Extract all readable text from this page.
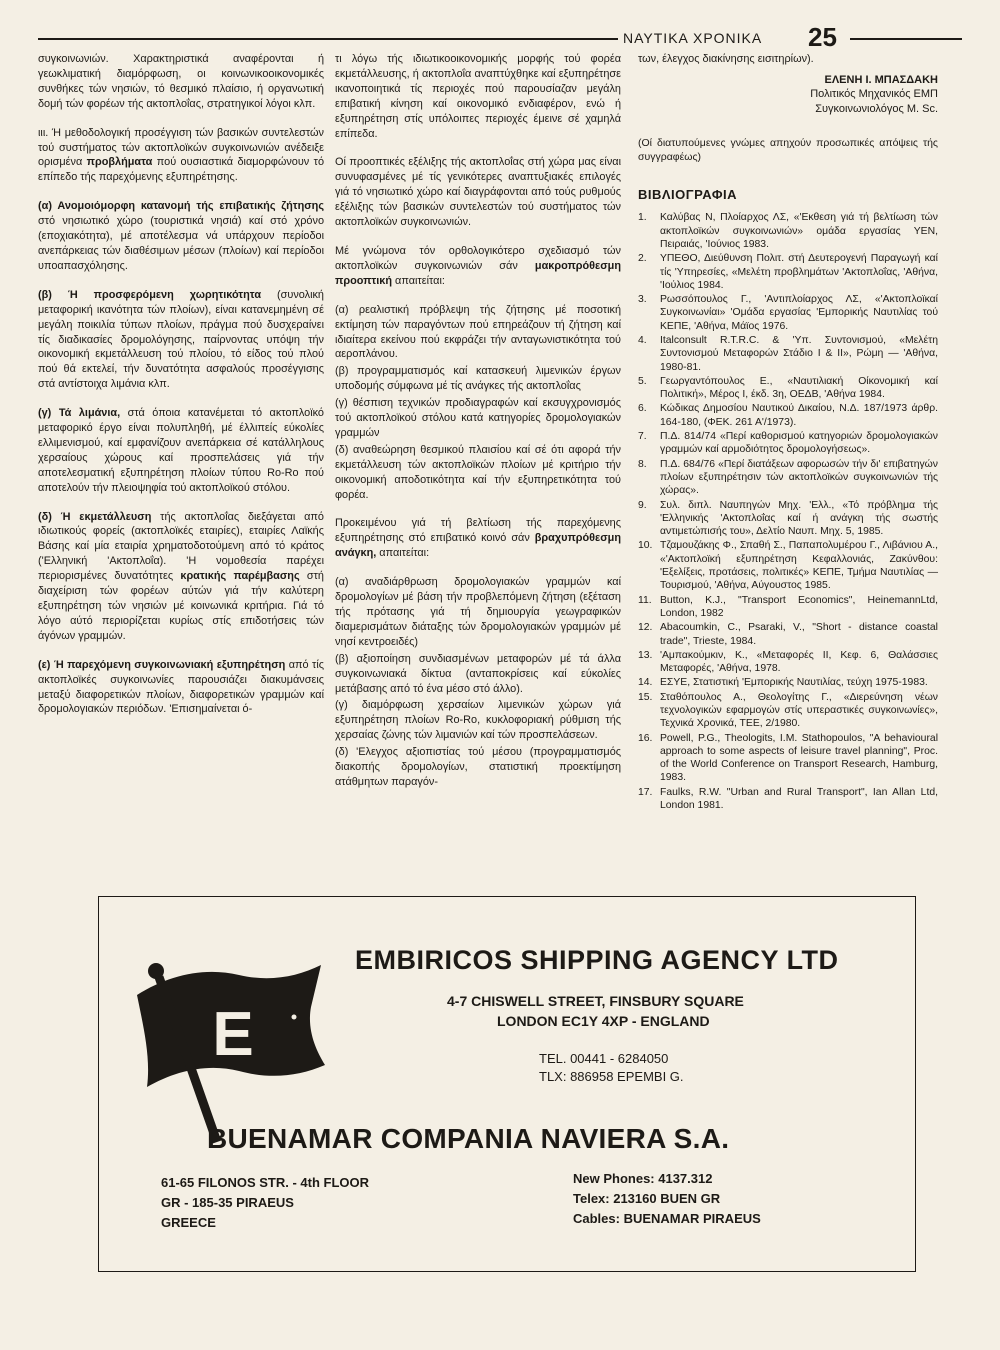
ΝΑΥΤΙΚΑ ΧΡΟΝΙΚΑ 25

συγκοινωνιών. Χαρακτηριστικά αναφέρονται ή γεωκλιματική διαμόρφωση, οι κοινωνικοοικονομικές συνθήκες τών νησιών, τό θεσμικό πλαίσιο, ή οργανωτική δομή τών φορέων τής ακτοπλοΐας, στρατηγικοί λόγοι κλπ.

ιιι. Ή μεθοδολογική προσέγγιση τών βασικών συντελεστών τού συστήματος τών ακτοπλοϊκών συγκοινωνιών ανέδειξε ορισμένα προβλήματα πού ουσιαστικά διαμορφώνουν τό επίπεδο τής παρεχόμενης εξυπηρέτησης.

(α) Ανομοιόμορφη κατανομή τής επιβατικής ζήτησης στό νησιωτικό χώρο (τουριστικά νησιά) καί στό χρόνο (εποχιακότητα), μέ αποτέλεσμα νά υπάρχουν περίοδοι ανεπάρκειας τών διαθέσιμων μέσων (πλοίων) καί περίοδοι υποαπασχόλησης.

(β) Ή προσφερόμενη χωρητικότητα (συνολική μεταφορική ικανότητα τών πλοίων), είναι κατανεμημένη σέ μεγάλη ποικιλία τύπων πλοίων, πράγμα πού δυσχεραίνει τίς διαδικασίες δρομολόγησης, παίρνοντας υπόψη τήν οικονομική εκμετάλλευση τού πλοίου, τό είδος τού πλού πού θά εκτελεί, τήν δυνατότητα ασφαλούς προσέγγισης στά αντίστοιχα λιμάνια κλπ.

(γ) Τά λιμάνια, στά όποια κατανέμεται τό ακτοπλοϊκό μεταφορικό έργο είναι πολυπληθή, μέ έλλιπείς εύκολίες ελλιμενισμού, καί εμφανίζουν ανεπάρκεια σέ κατάλληλους χερσαίους χώρους καί προσπελάσεις γιά τήν αποτελεσματική εξυπηρέτηση πλοίων τύπου Ro-Ro πού αποτελούν τήν πλειοψηφία τού ακτοπλοϊκού στόλου.

(δ) Ή εκμετάλλευση τής ακτοπλοΐας διεξάγεται από ιδιωτικούς φορείς (ακτοπλοϊκές εταιρίες), εταιρίες Λαϊκής Βάσης καί μία εταιρία χρηματοδοτούμενη από τό κράτος ('Ελληνική 'Ακτοπλοΐα). 'Η νομοθεσία παρέχει περιορισμένες δυνατότητες κρατικής παρέμβασης στή διαχείριση τών φορέων αύτών γιά τήν καλύτερη εξυπηρέτηση τών νησιών μέ κοινωνικά κριτήρια. Γιά τό λόγο αύτό περιορίζεται κυρίως στίς επιδοτήσεις τών άγόνων γραμμών.

(ε) Ή παρεχόμενη συγκοινωνιακή εξυπηρέτηση από τίς ακτοπλοϊκές συγκοινωνίες παρουσιάζει διακυμάνσεις μεταξύ διαφορετικών πλοίων, διαφορετικών γραμμών καί δρομολογιακών περιόδων. 'Επισημαίνεται ό-

τι λόγω τής ιδιωτικοοικονομικής μορφής τού φορέα εκμετάλλευσης, ή ακτοπλοΐα αναπτύχθηκε καί εξυπηρέτησε ικανοποιητικά τίς περιοχές πού παρουσίαζαν μεγάλη επιβατική κίνηση καί οικονομικό ενδιαφέρον, ενώ ή εξυπηρέτηση στίς υπόλοιπες περιοχές έμεινε σέ χαμηλά επίπεδα.

Οί προοπτικές εξέλιξης τής ακτοπλοΐας στή χώρα μας είναι συνυφασμένες μέ τίς γενικότερες αναπτυξιακές επιλογές γιά τό νησιωτικό χώρο καί διαγράφονται από τούς ρυθμούς εξέλιξης τών βασικών συντελεστών τού συστήματος τών ακτοπλοϊκών συγκοινωνιών.

Μέ γνώμονα τόν ορθολογικότερο σχεδιασμό τών ακτοπλοϊκών συγκοινωνιών σάν μακροπρόθεσμη προοπτική απαιτείται:

(α) ρεαλιστική πρόβλεψη τής ζήτησης μέ ποσοτική εκτίμηση τών παραγόντων πού επηρεάζουν τή ζήτηση καί ιδιαίτερα εκείνου πού εκφράζει τήν ανταγωνιστικότητα τού αεροπλάνου.

(β) προγραμματισμός καί κατασκευή λιμενικών έργων υποδομής σύμφωνα μέ τίς ανάγκες τής ακτοπλοΐας

(γ) θέσπιση τεχνικών προδιαγραφών καί εκσυγχρονισμός τού ακτοπλοϊκού στόλου κατά κατηγορίες δρομολογιακών γραμμών

(δ) αναθεώρηση θεσμικού πλαισίου καί σέ ότι αφορά τήν εκμετάλλευση τών ακτοπλοϊκών πλοίων μέ κριτήριο τήν οικονομική αποδοτικότητα καί τήν εξυπηρετικότητα τού φορέα.

Προκειμένου γιά τή βελτίωση τής παρεχόμενης εξυπηρέτησης στό επιβατικό κοινό σάν βραχυπρόθεσμη ανάγκη, απαιτείται:

(α) αναδιάρθρωση δρομολογιακών γραμμών καί δρομολογίων μέ βάση τήν προβλεπόμενη ζήτηση (εξέταση τής πρότασης γιά τή δημιουργία γεωγραφικών διαμερισμάτων διάταξης τών δρομολογιακών γραμμών μέ νησί κεντροειδές)

(β) αξιοποίηση συνδιασμένων μεταφορών μέ τά άλλα συγκοινωνιακά δίκτυα (ανταποκρίσεις καί εύκολίες μετάβασης από τό ένα μέσο στό άλλο).

(γ) διαμόρφωση χερσαίων λιμενικών χώρων γιά εξυπηρέτηση πλοίων Ro-Ro, κυκλοφοριακή ρύθμιση τής χερσαίας ζώνης τών λιμανιών καί τών προσπελάσεων.

(δ) 'Ελεγχος αξιοπιστίας τού μέσου (προγραμματισμός διακοπής δρομολογίων, στατιστική προεκτίμηση ατάθμητων παραγόν-

των, έλεγχος διακίνησης εισιτηρίων).

ΕΛΕΝΗ Ι. ΜΠΑΣΔΑΚΗ
Πολιτικός Μηχανικός ΕΜΠ
Συγκοινωνιολόγος M. Sc.
(Οί διατυπούμενες γνώμες απηχούν προσωπικές απόψεις τής συγγραφέως)
ΒΙΒΛΙΟΓΡΑΦΙΑ
1.	Καλύβας Ν, Πλοίαρχος ΛΣ, «'Εκθεση γιά τή βελτίωση τών ακτοπλοϊκών συγκοινωνιών» ομάδα εργασίας ΥΕΝ, Πειραιάς, 'Ιούνιος 1983.
2.	ΥΠΕΘΟ, Διεύθυνση Πολιτ. στή Δευτερογενή Παραγωγή καί τίς 'Υπηρεσίες, «Μελέτη προβλημάτων 'Ακτοπλοΐας, 'Αθήνα, 'Ιούλιος 1984.
3.	Ρωσσόπουλος Γ., 'Αντιπλοίαρχος ΛΣ, «'Ακτοπλοϊκαί Συγκοινωνίαι» 'Ομάδα εργασίας 'Εμπορικής Ναυτιλίας τού ΚΕΠΕ, 'Αθήνα, Μάϊος 1976.
4.	Italconsult R.T.R.C. & 'Υπ. Συντονισμού, «Μελέτη Συντονισμού Μεταφορών Στάδιο Ι & ΙΙ», Ρώμη — 'Αθήνα, 1980-81.
5.	Γεωργαντόπουλος Ε., «Ναυτιλιακή Οίκονομική καί Πολιτική», Μέρος Ι, έκδ. 3η, ΟΕΔΒ, 'Αθήνα 1984.
6.	Κώδικας Δημοσίου Ναυτικού Δικαίου, Ν.Δ. 187/1973 άρθρ. 164-180, (ΦΕΚ. 261 Α'/1973).
7.	Π.Δ. 814/74 «Περί καθορισμού κατηγοριών δρομολογιακών γραμμών καί αρμοδιότητος δρομολογήσεως».
8.	Π.Δ. 684/76 «Περί διατάξεων αφορωσών τήν δι' επιβατηγών πλοίων εξυπηρέτησιν τών ακτοπλοϊκών συγκοινωνιών τής χώρας».
9.	Συλ. διπλ. Ναυπηγών Μηχ. 'Ελλ., «Τό πρόβλημα τής 'Ελληνικής 'Ακτοπλοΐας καί ή ανάγκη τής σωστής αντιμετώπισής του», Δελτίο Ναυπ. Μηχ. 5, 1985.
10. Τζαμουζάκης Φ., Σπαθή Σ., Παπαπολυμέρου Γ., Λιβάνιου Α., «'Ακτοπλοϊκή εξυπηρέτηση Κεφαλλονιάς, Ζακύνθου: 'Εξελίξεις, προτάσεις, πολιτικές» ΚΕΠΕ, Τμήμα Ναυτιλίας — Τουρισμού, 'Αθήνα, Αύγουστος 1985.
11. Button, K.J., "Transport Economics", HeinemannLtd, London, 1982
12. Abacoumkin, C., Psaraki, V., "Short - distance coastal trade", Trieste, 1984.
13. 'Αμπακούμκιν, Κ., «Μεταφορές ΙΙ, Κεφ. 6, Θαλάσσιες Μεταφορές, 'Αθήνα, 1978.
14. ΕΣΥΕ, Στατιστική 'Εμπορικής Ναυτιλίας, τεύχη 1975-1983.
15. Σταθόπουλος Α., Θεολογίτης Γ., «Διερεύνηση νέων τεχνολογικών εφαρμογών στίς υπεραστικές συγκοινωνίες», Τεχνικά Χρονικά, ΤΕΕ, 2/1980.
16. Powell, P.G., Theologits, I.M. Stathopoulos, "A behavioural approach to some aspects of leisure travel planning", Proc. of the World Conference on Transport Research, Hamburg, 1983.
17. Faulks, R.W. "Urban and Rural Transport", Ian Allan Ltd, London 1981.
E
EMBIRICOS SHIPPING AGENCY LTD
4-7 CHISWELL STREET, FINSBURY SQUARE
LONDON EC1Y 4XP - ENGLAND
TEL. 00441 - 6284050
TLX: 886958 EPEMBI G.
BUENAMAR COMPANIA NAVIERA S.A.
61-65 FILONOS STR. - 4th FLOOR
GR - 185-35 PIRAEUS
GREECE
New Phones: 4137.312
Telex: 213160 BUEN GR
Cables: BUENAMAR PIRAEUS
